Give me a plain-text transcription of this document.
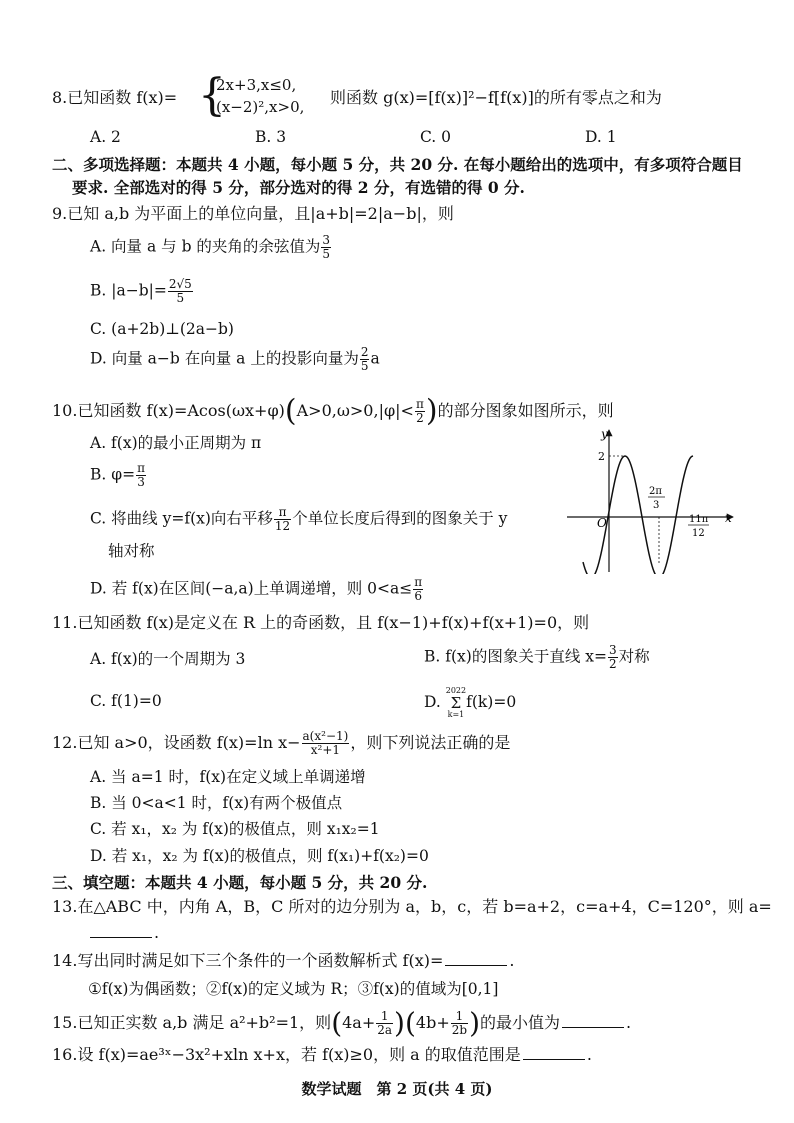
8.已知函数 f(x)= {
2x+3,x≤0,
(x−2)²,x>0, 则函数 g(x)=[f(x)]²−f[f(x)]的所有零点之和为
A. 2	B. 3	C. 0	D. 1
二、多项选择题：本题共 4 小题，每小题 5 分，共 20 分. 在每小题给出的选项中，有多项符合题目
要求. 全部选对的得 5 分，部分选对的得 2 分，有选错的得 0 分.
9.已知 a,b 为平面上的单位向量，且|a+b|=2|a−b|，则
A. 向量 a 与 b 的夹角的余弦值为 $\frac{3}{5}$
B. $|a-b|= \frac{2√5}{5}$
C. (a+2b)⊥(2a−b)
D. 向量 a−b 在向量 a 上的投影向量为 $\frac{2}{5}$ a
10.已知函数 $f(x)=Acos(\omega x+\varphi)(A>0,\omega>0,|\varphi|< \frac{\pi}{2}$ )的部分图象如图所示，则
A. f(x)的最小正周期为 π
B. $\varphi= \frac{\pi}{3}$
C. 将曲线 y=f(x)向右平移 $\frac{\pi}{12}$ 个单位长度后得到的图象关于 y
轴对称
D. 若 f(x)在区间(−a,a)上单调递增，则 $0<a\le \frac{\pi}{6}$
y
x
O
2
2π
3
11π
12
11.已知函数 f(x)是定义在 R 上的奇函数，且 f(x−1)+f(x)+f(x+1)=0，则
A. f(x)的一个周期为 3	B. f(x)的图象关于直线 $x= \frac{3}{2}$ 对称
C. f(1)=0	D.
2022
Σ
k=1
f(k)=0
12.已知 a>0，设函数 f(x)=ln $x- \frac{\text{a(x²−1)}}{\text{x²+1}}$ ，则下列说法正确的是
A. 当 a=1 时，f(x)在定义域上单调递增
B. 当 0<a<1 时，f(x)有两个极值点
C. 若 x₁，x₂ 为 f(x)的极值点，则 x₁x₂=1
D. 若 x₁，x₂ 为 f(x)的极值点，则 f(x₁)+f(x₂)=0
三、填空题：本题共 4 小题，每小题 5 分，共 20 分.
13.在△ABC 中，内角 A，B，C 所对的边分别为 a，b，c，若 b=a+2，c=a+4，C=120°，则 a=
.
14.写出同时满足如下三个条件的一个函数解析式 f(x)=	.
①f(x)为偶函数；②f(x)的定义域为 R；③f(x)的值域为[0,1]
15.已知正实数 a,b 满足 a²+b²=1，则$(4a+ \frac{1}{2a} )(4b+ \frac{1}{2b}$ )的最小值为	.
16.设 f(x)=ae³ˣ−3x²+xln x+x，若 f(x)≥0，则 a 的取值范围是	.
数学试题　第 2 页(共 4 页)
